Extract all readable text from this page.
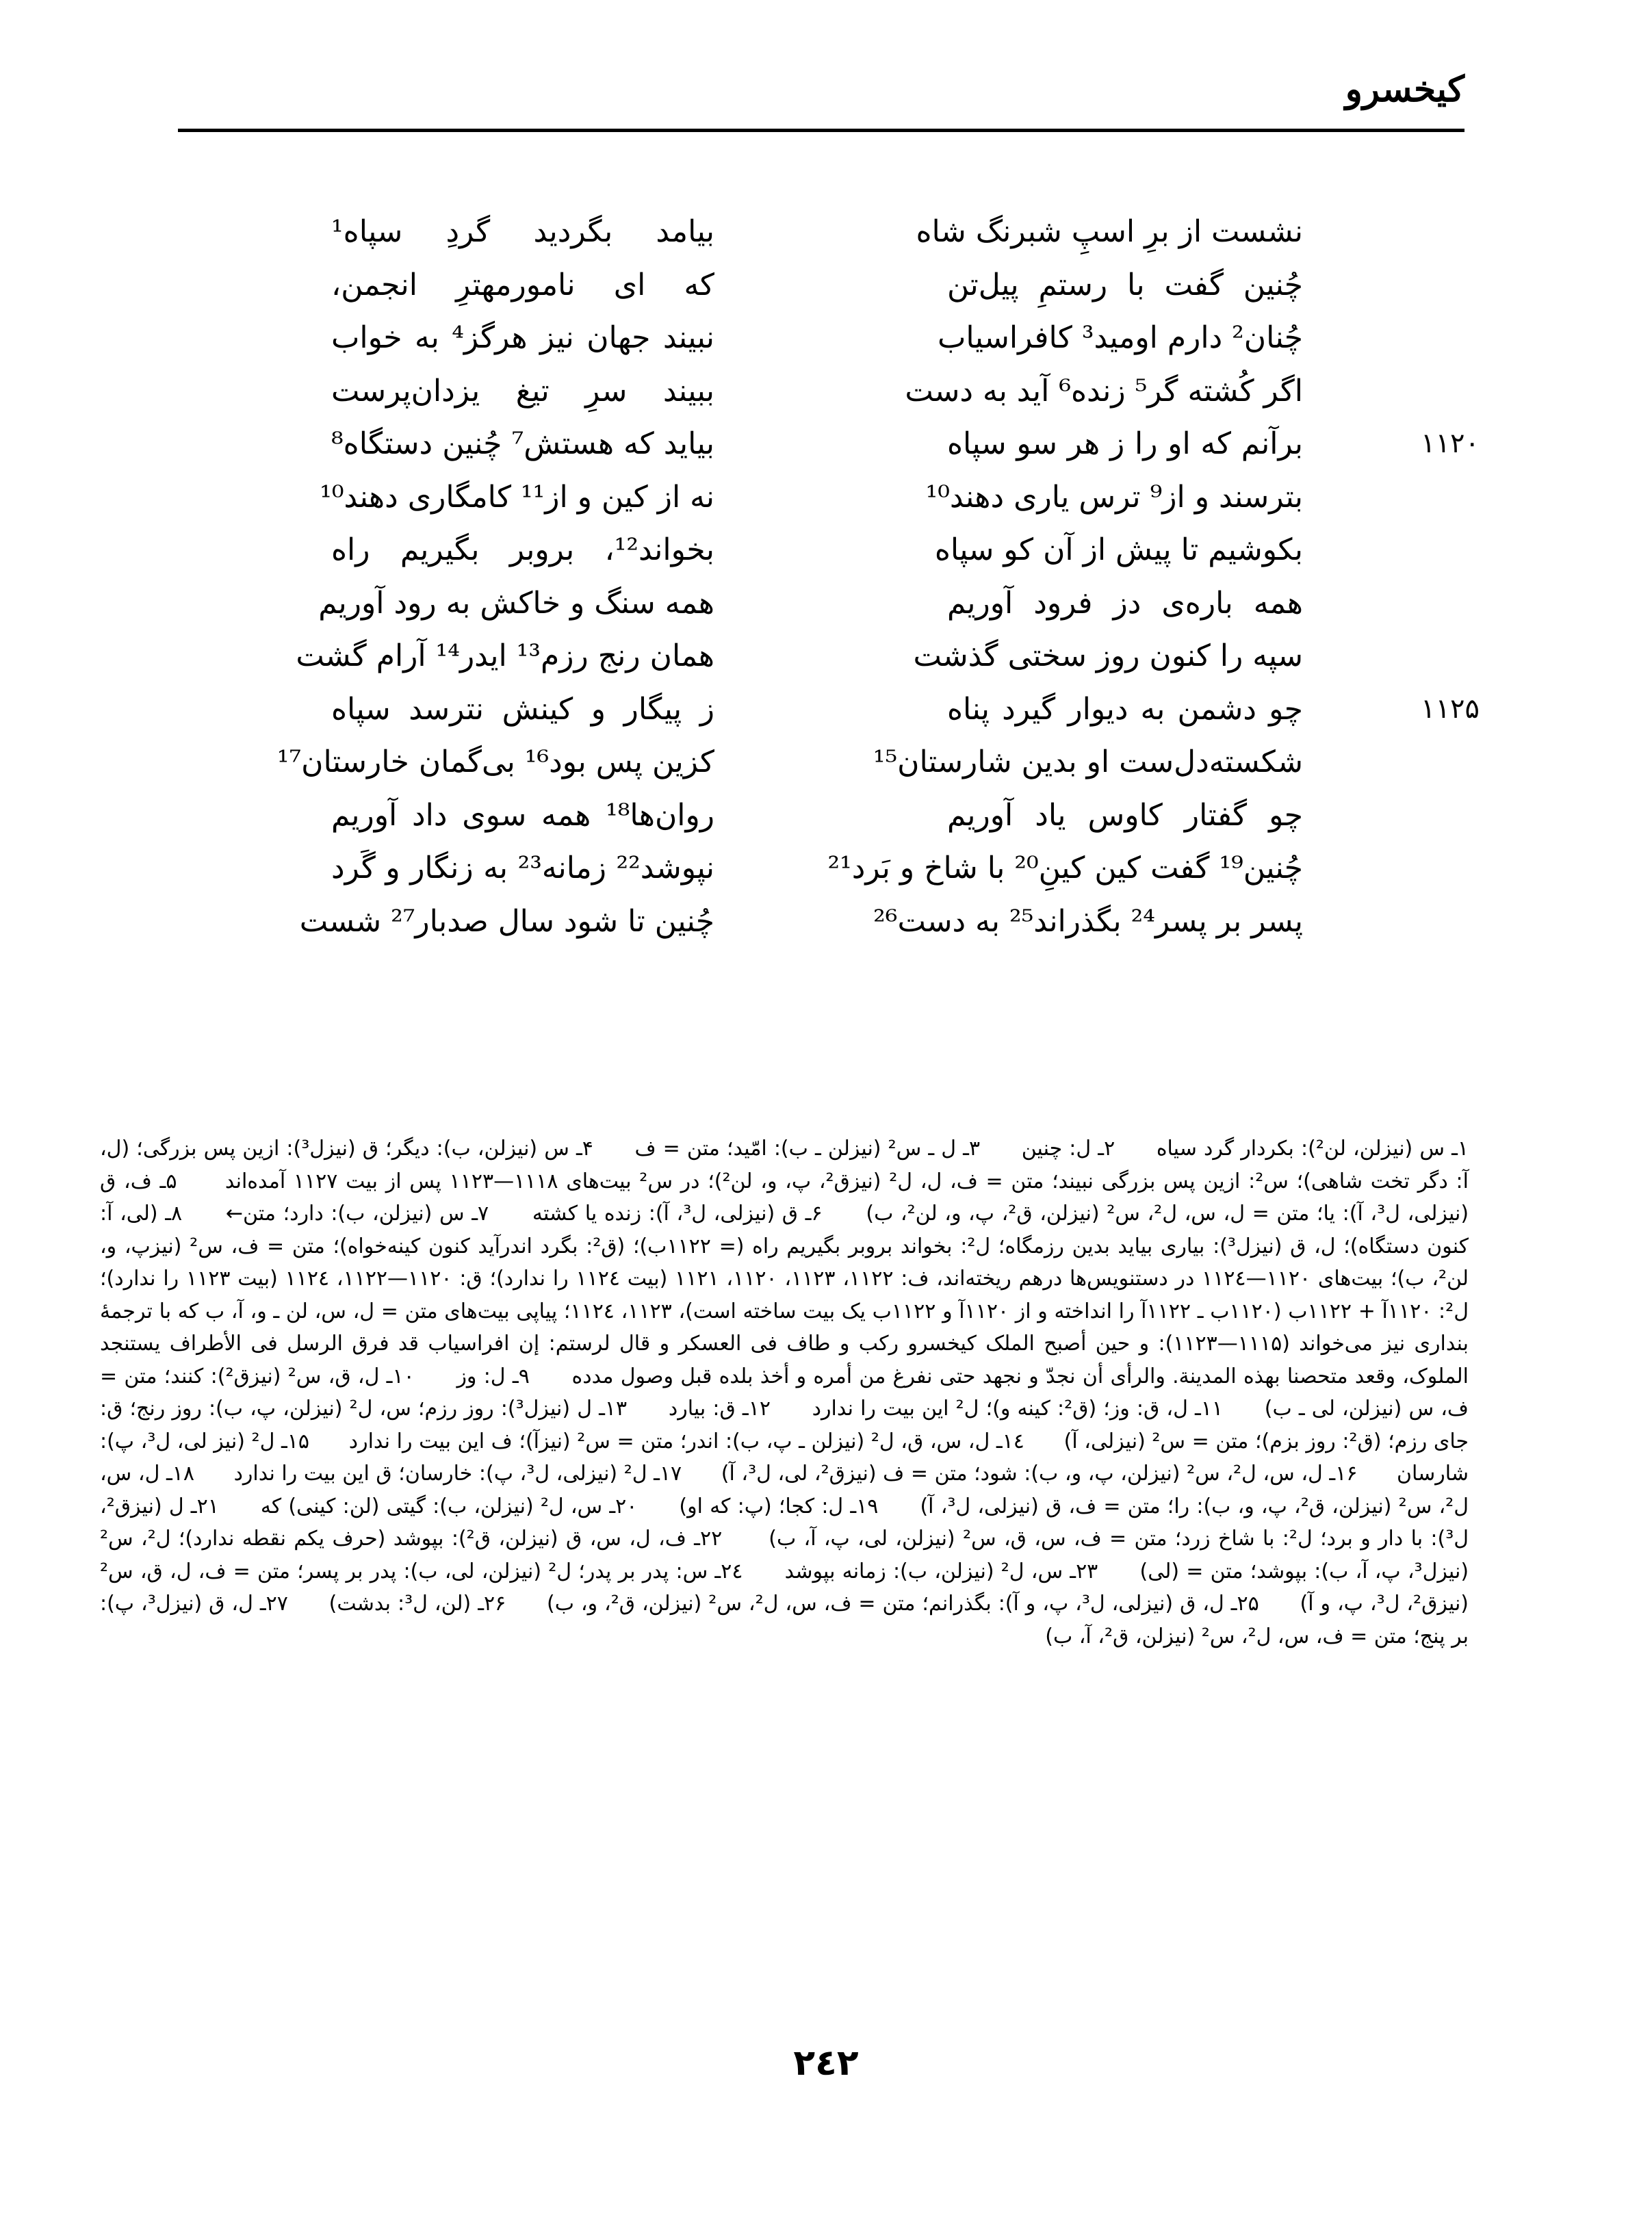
کیخسرو
نشست از برِ اسپِ شبرنگ شاه
بیامد بگردید گردِ سپاه¹
چُنین گفت با رستمِ پیل‌تن
که ای نامورمهترِ انجمن،
چُنان² دارم اومید³ کافراسیاب
نبیند جهان نیز هرگز⁴ به خواب
اگر کُشته گر⁵ زنده⁶ آید به دست
ببیند سرِ تیغ یزدان‌پرست
۱۱۲۰
برآنم که او را ز هر سو سپاه
بیاید که هستش⁷ چُنین دستگاه⁸
بترسند و از⁹ ترس یاری دهند¹⁰
نه از کین و از¹¹ کامگاری دهند¹⁰
بکوشیم تا پیش از آن کو سپاه
بخواند¹²، بروبر بگیریم راه
همه باره‌ی دز فرود آوریم
همه سنگ و خاکش به رود آوریم
سپه را کنون روز سختی گذشت
همان رنج رزم¹³ ایدر¹⁴ آرام گشت
۱۱۲۵
چو دشمن به دیوار گیرد پناه
ز پیگار و کینش نترسد سپاه
شکسته‌دل‌ست او بدین شارستان¹⁵
کزین پس بود¹⁶ بی‌گمان خارستان¹⁷
چو گفتار کاوس یاد آوریم
روان‌ها¹⁸ همه سوی داد آوریم
چُنین¹⁹ گفت کین کینِ²⁰ با شاخ و بَرد²¹
نپوشد²² زمانه²³ به زنگار و گَرد
پسر بر پسر²⁴ بگذراند²⁵ به دست²⁶
چُنین تا شود سال صدبار²⁷ شست
۱ـ س (نیزلن، لن²): بکردار گرد سیاه۲ـ ل: چنین۳ـ ل ـ س² (نیزلن ـ ب): امّید؛ متن = ف۴ـ س (نیزلن، ب): دیگر؛ ق (نیزل³): ازین پس بزرگی؛ (ل، آ: دگر تخت شاهی)؛ س²: ازین پس بزرگی نبیند؛ متن = ف، ل، ل² (نیزق²، پ، و، لن²)؛ در س² بیت‌های ۱۱۱۸—۱۱۲۳ پس از بیت ۱۱۲۷ آمده‌اند۵ـ ف، ق (نیزلی، ل³، آ): یا؛ متن = ل، س، ل²، س² (نیزلن، ق²، پ، و، لن²، ب)۶ـ ق (نیزلی، ل³، آ): زنده یا کشته۷ـ س (نیزلن، ب): دارد؛ متن←۸ـ (لی، آ: کنون دستگاه)؛ ل، ق (نیزل³): بیاری بیاید بدین رزمگاه؛ ل²: بخواند بروبر بگیریم راه (= ۱۱۲۲ب)؛ (ق²: بگرد اندرآید کنون کینه‌خواه)؛ متن = ف، س² (نیزپ، و، لن²، ب)؛ بیت‌های ۱۱۲۰—۱۱۲٤ در دستنویس‌ها درهم ریخته‌اند، ف: ۱۱۲۲، ۱۱۲۳، ۱۱۲۰، ۱۱۲۱ (بیت ۱۱۲٤ را ندارد)؛ ق: ۱۱۲۰—۱۱۲۲، ۱۱۲٤ (بیت ۱۱۲۳ را ندارد)؛ ل²: ۱۱۲۰آ + ۱۱۲۲ب (۱۱۲۰ب ـ ۱۱۲۲آ را انداخته و از ۱۱۲۰آ و ۱۱۲۲ب یک بیت ساخته است)، ۱۱۲۳، ۱۱۲٤؛ پیاپی بیت‌های متن = ل، س، لن ـ و، آ، ب که با ترجمهٔ بنداری نیز می‌خواند (۱۱۱۵—۱۱۲۳): و حین أصبح الملک کیخسرو رکب و طاف فی العسکر و قال لرستم: إن افراسیاب قد فرق الرسل فی الأطراف یستنجد الملوک، وقعد متحصنا بهذه المدینة. والرأی أن نجدّ و نجهد حتی نفرغ من أمره و أخذ بلده قبل وصول مدده۹ـ ل: وز۱۰ـ ل، ق، س² (نیزق²): کنند؛ متن = ف، س (نیزلن، لی ـ ب)۱۱ـ ل، ق: وز؛ (ق²: کینه و)؛ ل² این بیت را ندارد۱۲ـ ق: بیارد۱۳ـ ل (نیزل³): روز رزم؛ س، ل² (نیزلن، پ، ب): روز رنج؛ ق: جای رزم؛ (ق²: روز بزم)؛ متن = س² (نیزلی، آ)۱٤ـ ل، س، ق، ل² (نیزلن ـ پ، ب): اندر؛ متن = س² (نیزآ)؛ ف این بیت را ندارد۱۵ـ ل² (نیز لی، ل³، پ): شارسان۱۶ـ ل، س، ل²، س² (نیزلن، پ، و، ب): شود؛ متن = ف (نیزق²، لی، ل³، آ)۱۷ـ ل² (نیزلی، ل³، پ): خارسان؛ ق این بیت را ندارد۱۸ـ ل، س، ل²، س² (نیزلن، ق²، پ، و، ب): را؛ متن = ف، ق (نیزلی، ل³، آ)۱۹ـ ل: کجا؛ (پ: که او)۲۰ـ س، ل² (نیزلن، ب): گیتی (لن: کینی) که۲۱ـ ل (نیزق²، ل³): با دار و برد؛ ل²: با شاخ زرد؛ متن = ف، س، ق، س² (نیزلن، لی، پ، آ، ب)۲۲ـ ف، ل، س، ق (نیزلن، ق²): بپوشد (حرف یکم نقطه ندارد)؛ ل²، س² (نیزل³، پ، آ، ب): بپوشد؛ متن = (لی)۲۳ـ س، ل² (نیزلن، ب): زمانه بپوشد۲٤ـ س: پدر بر پدر؛ ل² (نیزلن، لی، ب): پدر بر پسر؛ متن = ف، ل، ق، س² (نیزق²، ل³، پ، و آ)۲۵ـ ل، ق (نیزلی، ل³، پ، و آ): بگذرانم؛ متن = ف، س، ل²، س² (نیزلن، ق²، و، ب)۲۶ـ (لن، ل³: بدشت)۲۷ـ ل، ق (نیزل³، پ): بر پنج؛ متن = ف، س، ل²، س² (نیزلن، ق²، آ، ب)
۲٤۲
